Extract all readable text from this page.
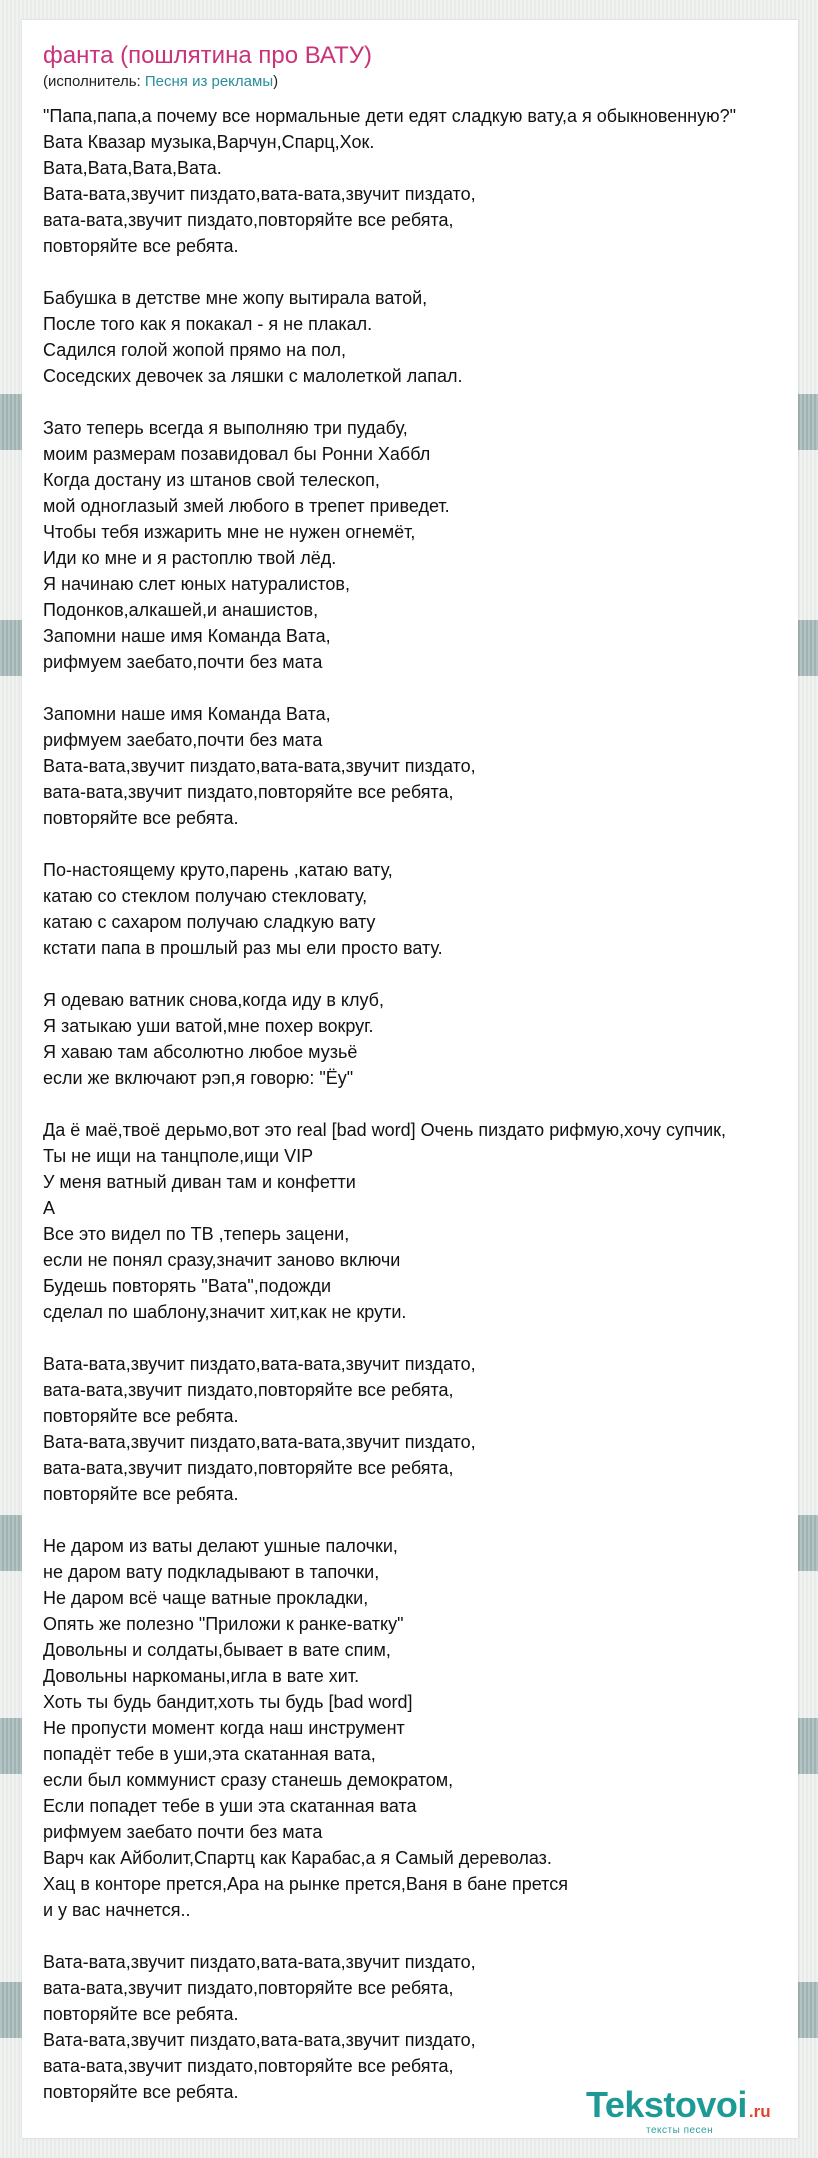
фанта (пошлятина про ВАТУ)
(исполнитель: Песня из рекламы)
"Папа,папа,а почему все нормальные дети едят сладкую вату,а я обыкновенную?"
Вата Квазар музыка,Варчун,Спарц,Хок.
Вата,Вата,Вата,Вата.
Вата-вата,звучит пиздато,вата-вата,звучит пиздато,
вата-вата,звучит пиздато,повторяйте все ребята,
повторяйте все ребята.
Бабушка в детстве мне жопу вытирала ватой,
После того как я покакал - я не плакал.
Садился голой жопой прямо на пол,
Соседских девочек за ляшки с малолеткой лапал.
Зато теперь всегда я выполняю три пудабу,
моим размерам позавидовал бы Ронни Хаббл
Когда достану из штанов свой телескоп,
мой одноглазый змей любого в трепет приведет.
Чтобы тебя изжарить мне не нужен огнемёт,
Иди ко мне и я растоплю твой лёд.
Я начинаю слет юных натуралистов,
Подонков,алкашей,и анашистов,
Запомни наше имя Команда Вата,
рифмуем заебато,почти без мата
Запомни наше имя Команда Вата,
рифмуем заебато,почти без мата
Вата-вата,звучит пиздато,вата-вата,звучит пиздато,
вата-вата,звучит пиздато,повторяйте все ребята,
повторяйте все ребята.
По-настоящему круто,парень ,катаю вату,
катаю со стеклом получаю стекловату,
катаю с сахаром получаю сладкую вату
кстати папа в прошлый раз мы ели просто вату.
Я одеваю ватник снова,когда иду в клуб,
Я затыкаю уши ватой,мне похер вокруг.
Я хаваю там абсолютно любое музьё
если же включают рэп,я говорю: "Ёу"
Да ё маё,твоё дерьмо,вот это real [bad word] Очень пиздато рифмую,хочу супчик,
Ты не ищи на танцполе,ищи VIP
У меня ватный диван там и конфетти
А
Все это видел по ТВ ,теперь зацени,
если не понял сразу,значит заново включи
Будешь повторять "Вата",подожди
сделал по шаблону,значит хит,как не крути.
Вата-вата,звучит пиздато,вата-вата,звучит пиздато,
вата-вата,звучит пиздато,повторяйте все ребята,
повторяйте все ребята.
Вата-вата,звучит пиздато,вата-вата,звучит пиздато,
вата-вата,звучит пиздато,повторяйте все ребята,
повторяйте все ребята.
Не даром из ваты делают ушные палочки,
не даром вату подкладывают в тапочки,
Не даром всё чаще ватные прокладки,
Опять же полезно "Приложи к ранке-ватку"
Довольны и солдаты,бывает в вате спим,
Довольны наркоманы,игла в вате хит.
Хоть ты будь бандит,хоть ты будь [bad word]
Не пропусти момент когда наш инструмент
попадёт тебе в уши,эта скатанная вата,
если был коммунист сразу станешь демократом,
Если попадет тебе в уши эта скатанная вата
рифмуем заебато почти без мата
Варч как Айболит,Спартц как Карабас,а я Самый дереволаз.
Хац в конторе прется,Ара на рынке прется,Ваня в бане прется
и у вас начнется..
Вата-вата,звучит пиздато,вата-вата,звучит пиздато,
вата-вата,звучит пиздато,повторяйте все ребята,
повторяйте все ребята.
Вата-вата,звучит пиздато,вата-вата,звучит пиздато,
вата-вата,звучит пиздато,повторяйте все ребята,
повторяйте все ребята.	Tekstovoi .ru
тексты песен
